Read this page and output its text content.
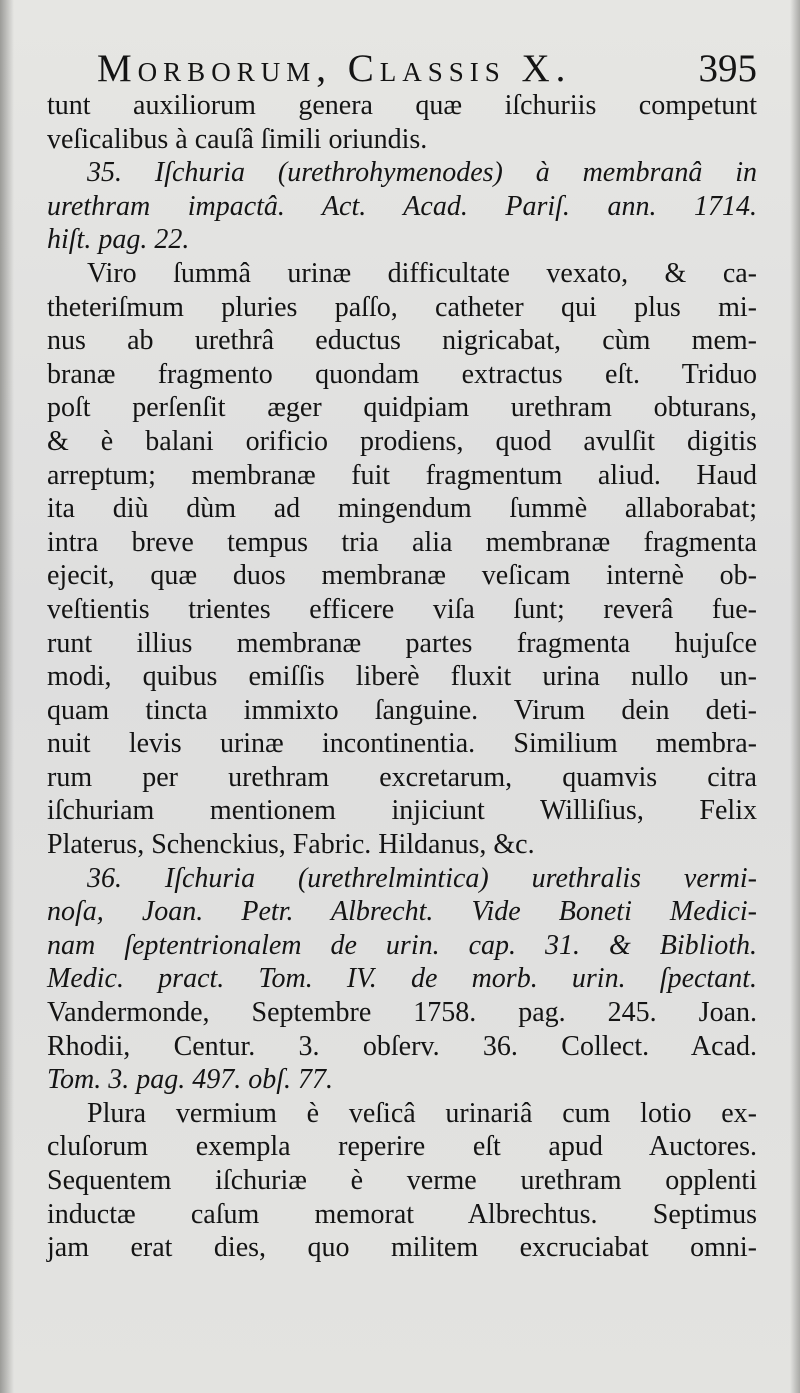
Morborum, Classis X.	395
tunt auxiliorum genera quæ iſchuriis competunt
veſicalibus à cauſâ ſimili oriundis.
35. Iſchuria (urethrohymenodes) à membranâ in
urethram impactâ. Act. Acad. Pariſ. ann. 1714.
hiſt. pag. 22.
Viro ſummâ urinæ difficultate vexato, & ca-
theteriſmum pluries paſſo, catheter qui plus mi-
nus ab urethrâ eductus nigricabat, cùm mem-
branæ fragmento quondam extractus eſt. Triduo
poſt perſenſit æger quidpiam urethram obturans,
& è balani orificio prodiens, quod avulſit digitis
arreptum; membranæ fuit fragmentum aliud. Haud
ita diù dùm ad mingendum ſummè allaborabat;
intra breve tempus tria alia membranæ fragmenta
ejecit, quæ duos membranæ veſicam internè ob-
veſtientis trientes efficere viſa ſunt; reverâ fue-
runt illius membranæ partes fragmenta hujuſce
modi, quibus emiſſis liberè fluxit urina nullo un-
quam tincta immixto ſanguine. Virum dein deti-
nuit levis urinæ incontinentia. Similium membra-
rum per urethram excretarum, quamvis citra
iſchuriam mentionem injiciunt Williſius, Felix
Platerus, Schenckius, Fabric. Hildanus, &c.
36. Iſchuria (urethrelmintica) urethralis vermi-
noſa, Joan. Petr. Albrecht. Vide Boneti Medici-
nam ſeptentrionalem de urin. cap. 31. & Biblioth.
Medic. pract. Tom. IV. de morb. urin. ſpectant.
Vandermonde, Septembre 1758. pag. 245. Joan.
Rhodii, Centur. 3. obſerv. 36. Collect. Acad.
Tom. 3. pag. 497. obſ. 77.
Plura vermium è veſicâ urinariâ cum lotio ex-
cluſorum exempla reperire eſt apud Auctores.
Sequentem iſchuriæ è verme urethram opplenti
inductæ caſum memorat Albrechtus. Septimus
jam erat dies, quo militem excruciabat omni-
